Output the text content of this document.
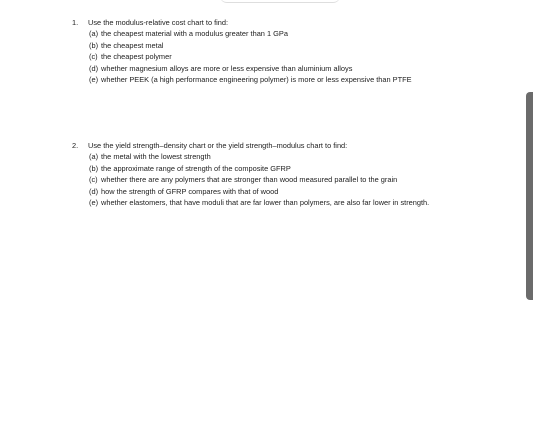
1.	Use the modulus-relative cost chart to find:
(a) the cheapest material with a modulus greater than 1 GPa
(b) the cheapest metal
(c) the cheapest polymer
(d) whether magnesium alloys are more or less expensive than aluminium alloys
(e) whether PEEK (a high performance engineering polymer) is more or less expensive than PTFE
2.	Use the yield strength–density chart or the yield strength–modulus chart to find:
(a) the metal with the lowest strength
(b) the approximate range of strength of the composite GFRP
(c) whether there are any polymers that are stronger than wood measured parallel to the grain
(d) how the strength of GFRP compares with that of wood
(e) whether elastomers, that have moduli that are far lower than polymers, are also far lower in strength.
